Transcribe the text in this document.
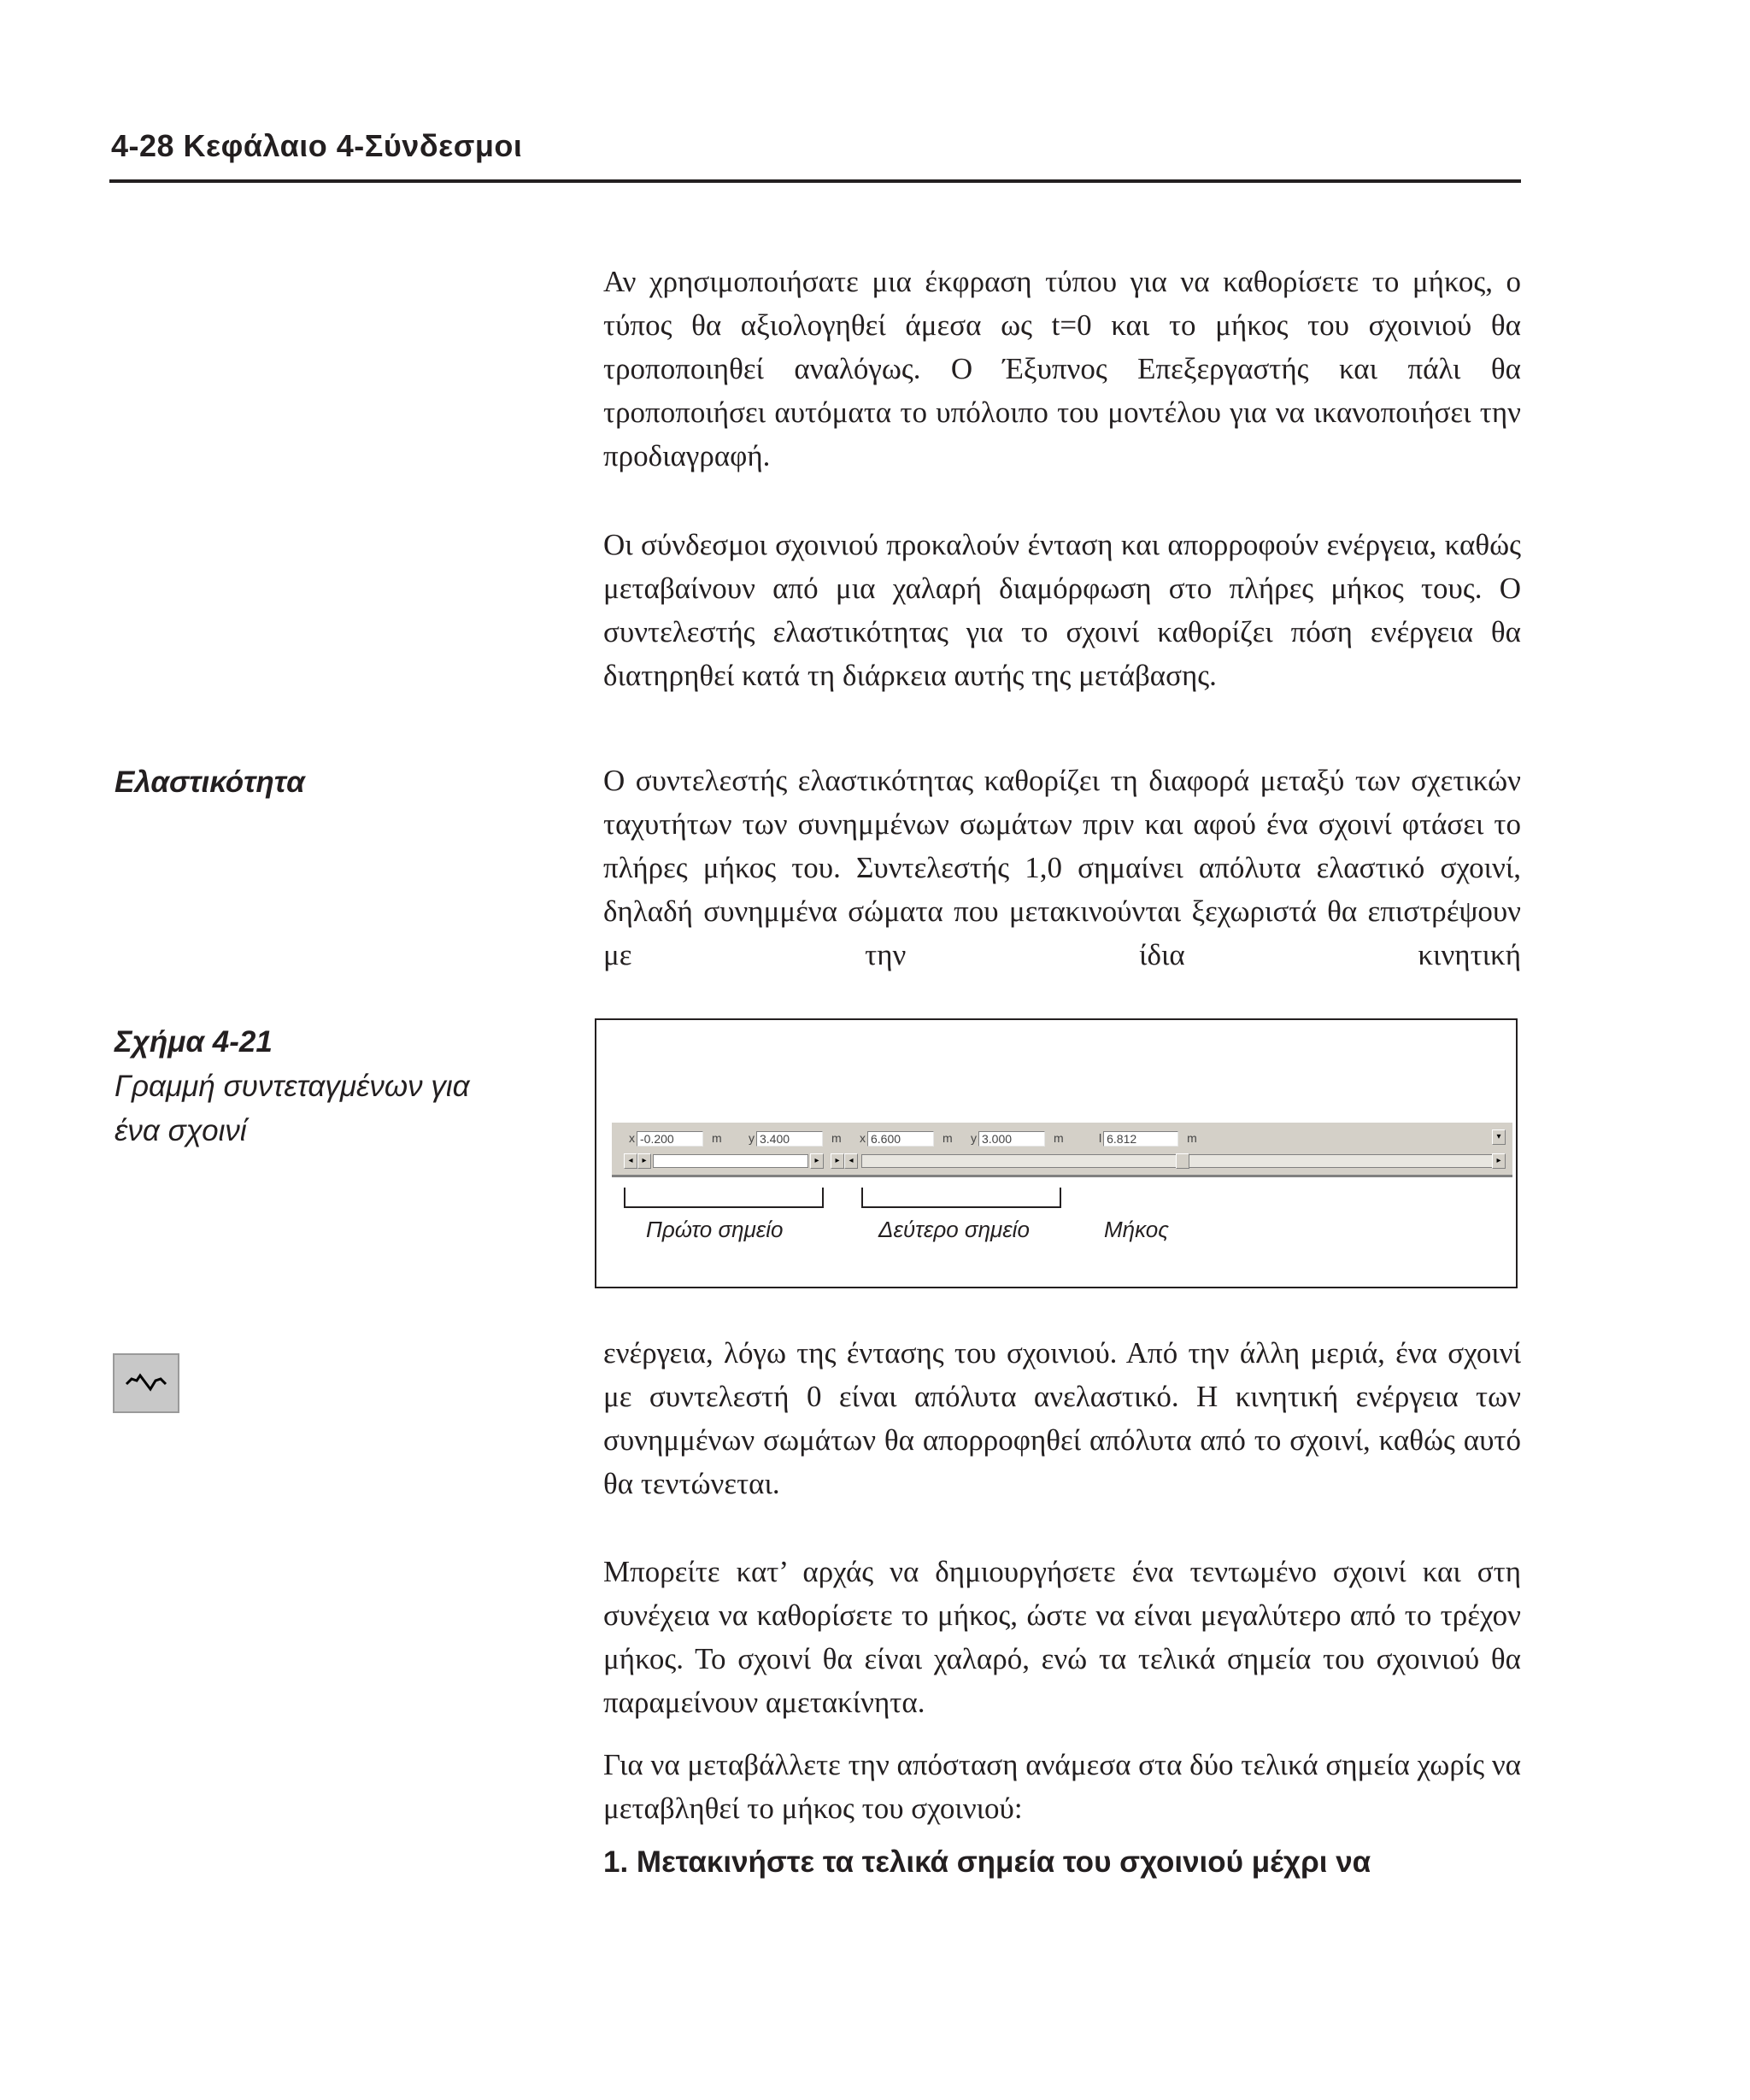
4-28 Κεφάλαιο 4-Σύνδεσμοι
Αν χρησιμοποιήσατε μια έκφραση τύπου για να καθορίσετε το μήκος, ο τύπος θα αξιολογηθεί άμεσα ως t=0 και το μήκος του σχοινιού θα τροποποιηθεί αναλόγως. Ο Έξυπνος Επεξεργαστής και πάλι θα τροποποιήσει αυτόματα το υπόλοιπο του μοντέλου για να ικανοποιήσει την προδιαγραφή.
Οι σύνδεσμοι σχοινιού προκαλούν ένταση και απορροφούν ενέργεια, καθώς μεταβαίνουν από μια χαλαρή διαμόρφωση στο πλήρες μήκος τους. Ο συντελεστής ελαστικότητας για το σχοινί καθορίζει πόση ενέργεια θα διατηρηθεί κατά τη διάρκεια αυτής της μετάβασης.
Ελαστικότητα	Ο συντελεστής ελαστικότητας καθορίζει τη διαφορά μεταξύ των σχετικών ταχυτήτων των συνημμένων σωμάτων πριν και αφού ένα σχοινί φτάσει το πλήρες μήκος του. Συντελεστής 1,0 σημαίνει απόλυτα ελαστικό σχοινί, δηλαδή συνημμένα σώματα που μετακινούνται ξεχωριστά θα επιστρέψουν με την ίδια κινητική
Σχήμα 4-21
Γραμμή συντεταγμένων για
ένα σχοινί	x -0.200	m y 3.400	m x 6.600	m y 3.000	m	l 6.812	m
◂	▸	▸	▸	◂	▸
▾
Πρώτο σημείο	Δεύτερο σημείο	Μήκος
ενέργεια, λόγω της έντασης του σχοινιού. Από την άλλη μεριά, ένα σχοινί με συντελεστή 0 είναι απόλυτα ανελαστικό. Η κινητική ενέργεια των συνημμένων σωμάτων θα απορροφηθεί απόλυτα από το σχοινί, καθώς αυτό θα τεντώνεται.
Μπορείτε κατ’ αρχάς να δημιουργήσετε ένα τεντωμένο σχοινί και στη συνέχεια να καθορίσετε το μήκος, ώστε να είναι μεγαλύτερο από το τρέχον μήκος. Το σχοινί θα είναι χαλαρό, ενώ τα τελικά σημεία του σχοινιού θα παραμείνουν αμετακίνητα.
Για να μεταβάλλετε την απόσταση ανάμεσα στα δύο τελικά σημεία χωρίς να μεταβληθεί το μήκος του σχοινιού:
1. Μετακινήστε τα τελικά σημεία του σχοινιού μέχρι να
